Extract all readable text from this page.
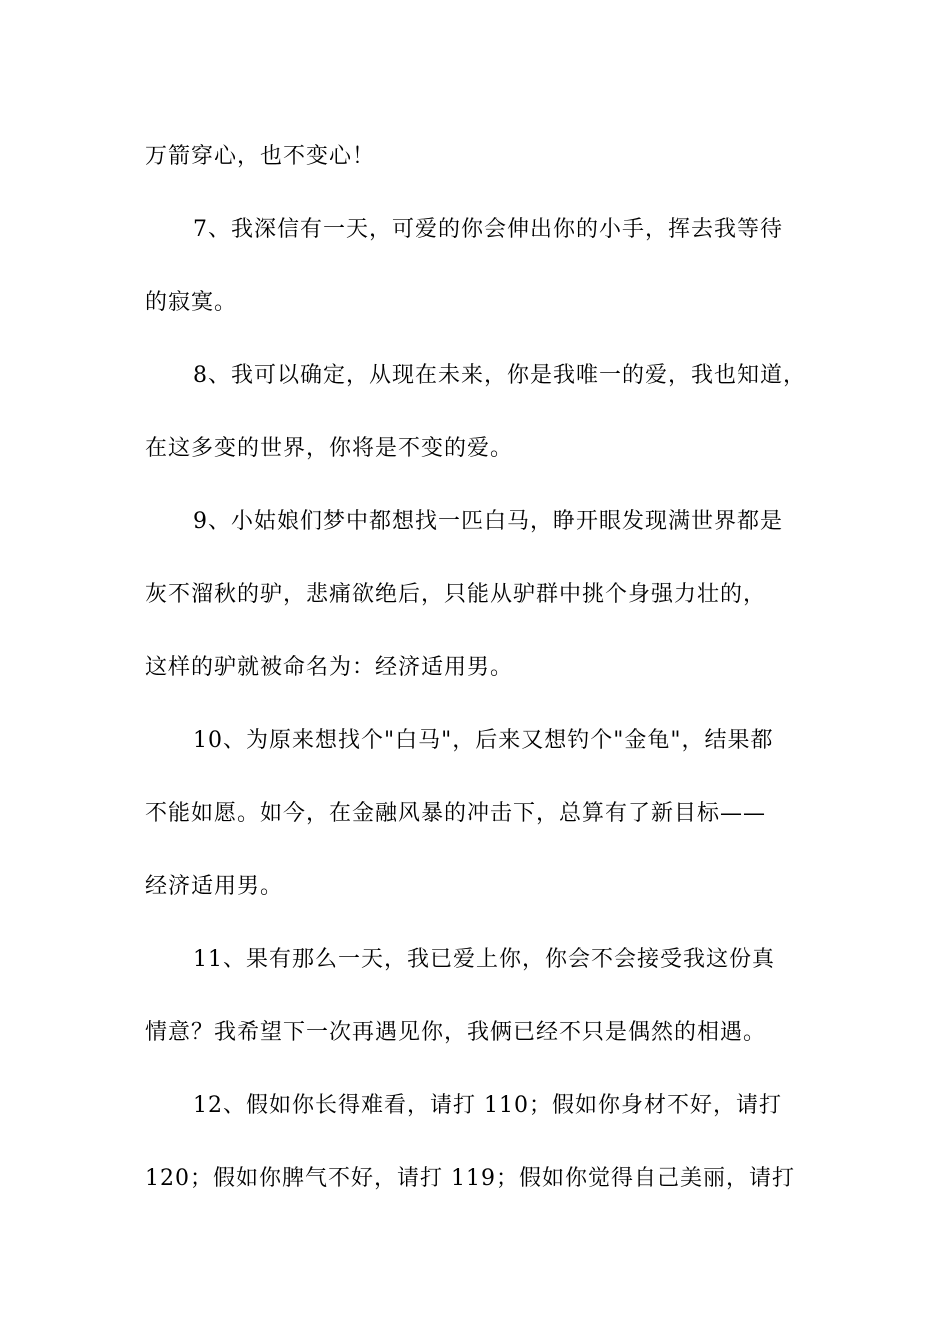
万箭穿心，也不变心！
7、我深信有一天，可爱的你会伸出你的小手，挥去我等待
的寂寞。
8、我可以确定，从现在未来，你是我唯一的爱，我也知道，
在这多变的世界，你将是不变的爱。
9、小姑娘们梦中都想找一匹白马，睁开眼发现满世界都是
灰不溜秋的驴，悲痛欲绝后，只能从驴群中挑个身强力壮的，
这样的驴就被命名为：经济适用男。
10、为原来想找个"白马"，后来又想钓个"金龟"，结果都
不能如愿。如今，在金融风暴的冲击下，总算有了新目标——
经济适用男。
11、果有那么一天，我已爱上你，你会不会接受我这份真
情意？我希望下一次再遇见你，我俩已经不只是偶然的相遇。
12、假如你长得难看，请打 110；假如你身材不好，请打
120；假如你脾气不好，请打 119；假如你觉得自己美丽，请打
